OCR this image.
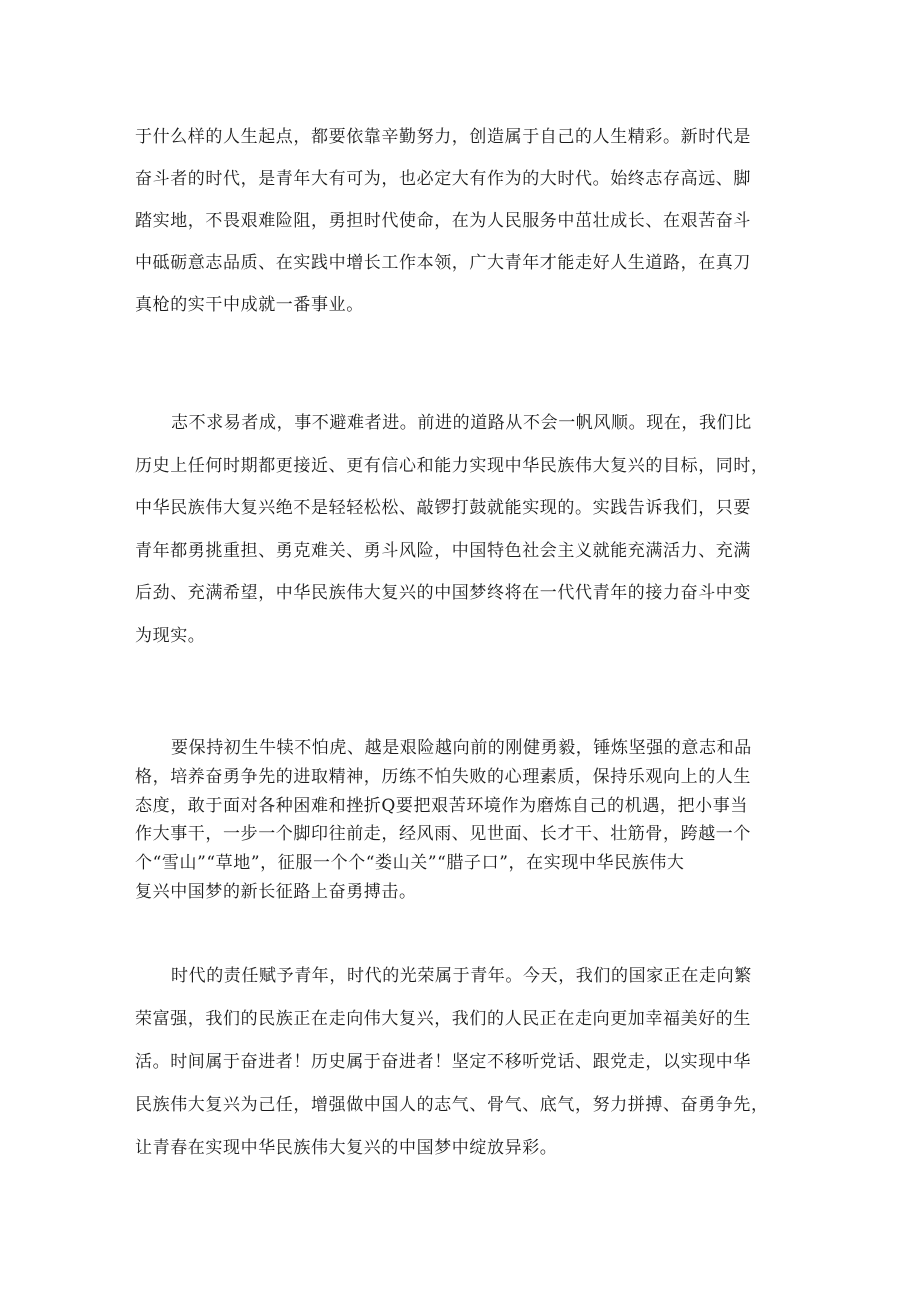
于什么样的人生起点，都要依靠辛勤努力，创造属于自己的人生精彩。新时代是
奋斗者的时代，是青年大有可为，也必定大有作为的大时代。始终志存高远、脚
踏实地，不畏艰难险阻，勇担时代使命，在为人民服务中茁壮成长、在艰苦奋斗
中砥砺意志品质、在实践中增长工作本领，广大青年才能走好人生道路，在真刀
真枪的实干中成就一番事业。
志不求易者成，事不避难者进。前进的道路从不会一帆风顺。现在，我们比
历史上任何时期都更接近、更有信心和能力实现中华民族伟大复兴的目标，同时，
中华民族伟大复兴绝不是轻轻松松、敲锣打鼓就能实现的。实践告诉我们，只要
青年都勇挑重担、勇克难关、勇斗风险，中国特色社会主义就能充满活力、充满
后劲、充满希望，中华民族伟大复兴的中国梦终将在一代代青年的接力奋斗中变
为现实。
要保持初生牛犊不怕虎、越是艰险越向前的刚健勇毅，锤炼坚强的意志和品
格，培养奋勇争先的进取精神，历练不怕失败的心理素质，保持乐观向上的人生
态度，敢于面对各种困难和挫折Q要把艰苦环境作为磨炼自己的机遇，把小事当
作大事干，一步一个脚印往前走，经风雨、见世面、长才干、壮筋骨，跨越一个
个“雪山”“草地”，征服一个个“娄山关”“腊子口”，在实现中华民族伟大
复兴中国梦的新长征路上奋勇搏击。
时代的责任赋予青年，时代的光荣属于青年。今天，我们的国家正在走向繁
荣富强，我们的民族正在走向伟大复兴，我们的人民正在走向更加幸福美好的生
活。时间属于奋进者！历史属于奋进者！坚定不移听党话、跟党走，以实现中华
民族伟大复兴为己任，增强做中国人的志气、骨气、底气，努力拼搏、奋勇争先，
让青春在实现中华民族伟大复兴的中国梦中绽放异彩。
